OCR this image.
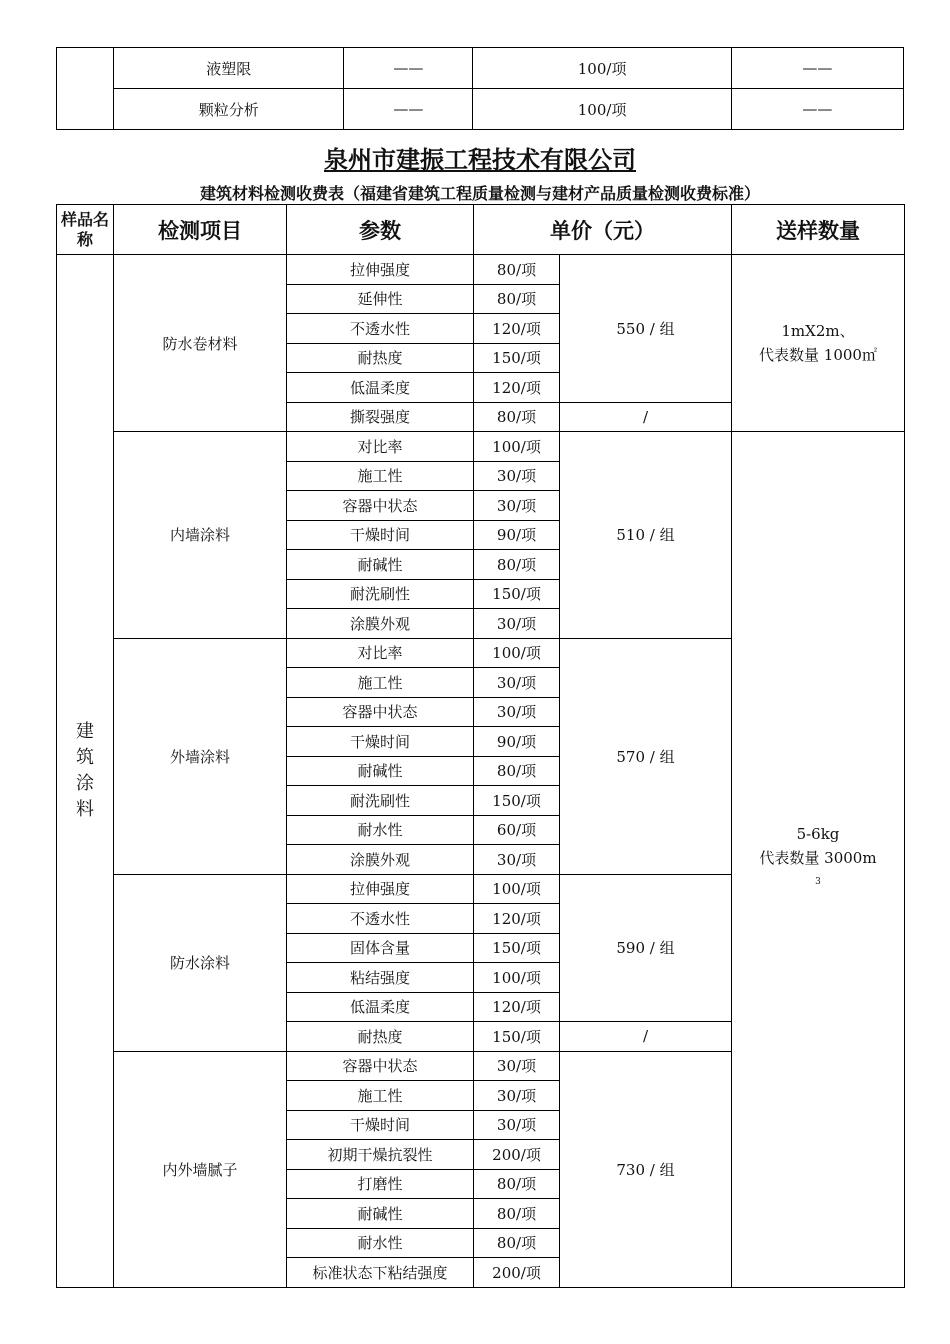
	液塑限	——	100/项	——
	颗粒分析	——	100/项	——
泉州市建振工程技术有限公司
建筑材料检测收费表（福建省建筑工程质量检测与建材产品质量检测收费标准）
样品名称	检测项目	参数	单价（元）		送样数量
建筑涂料	防水卷材料	拉伸强度	80/项	550 / 组	1mX2m、
代表数量 1000㎡

		延伸性	80/项		
		不透水性	120/项		
		耐热度	150/项		
		低温柔度	120/项		
		撕裂强度	80/项	/	
	内墙涂料	对比率	100/项	510 / 组	5-6kg
代表数量 3000m
$^3$

		施工性	30/项		
		容器中状态	30/项		
		干燥时间	90/项		
		耐碱性	80/项		
		耐洗刷性	150/项		
		涂膜外观	30/项		
	外墙涂料	对比率	100/项	570 / 组	
		施工性	30/项		
		容器中状态	30/项		
		干燥时间	90/项		
		耐碱性	80/项		
		耐洗刷性	150/项		
		耐水性	60/项		
		涂膜外观	30/项		
	防水涂料	拉伸强度	100/项	590 / 组	
		不透水性	120/项		
		固体含量	150/项		
		粘结强度	100/项		
		低温柔度	120/项		
		耐热度	150/项	/	
	内外墙腻子	容器中状态	30/项	730 / 组	
		施工性	30/项		
		干燥时间	30/项		
		初期干燥抗裂性	200/项		
		打磨性	80/项		
		耐碱性	80/项		
		耐水性	80/项		
		标准状态下粘结强度	200/项		
